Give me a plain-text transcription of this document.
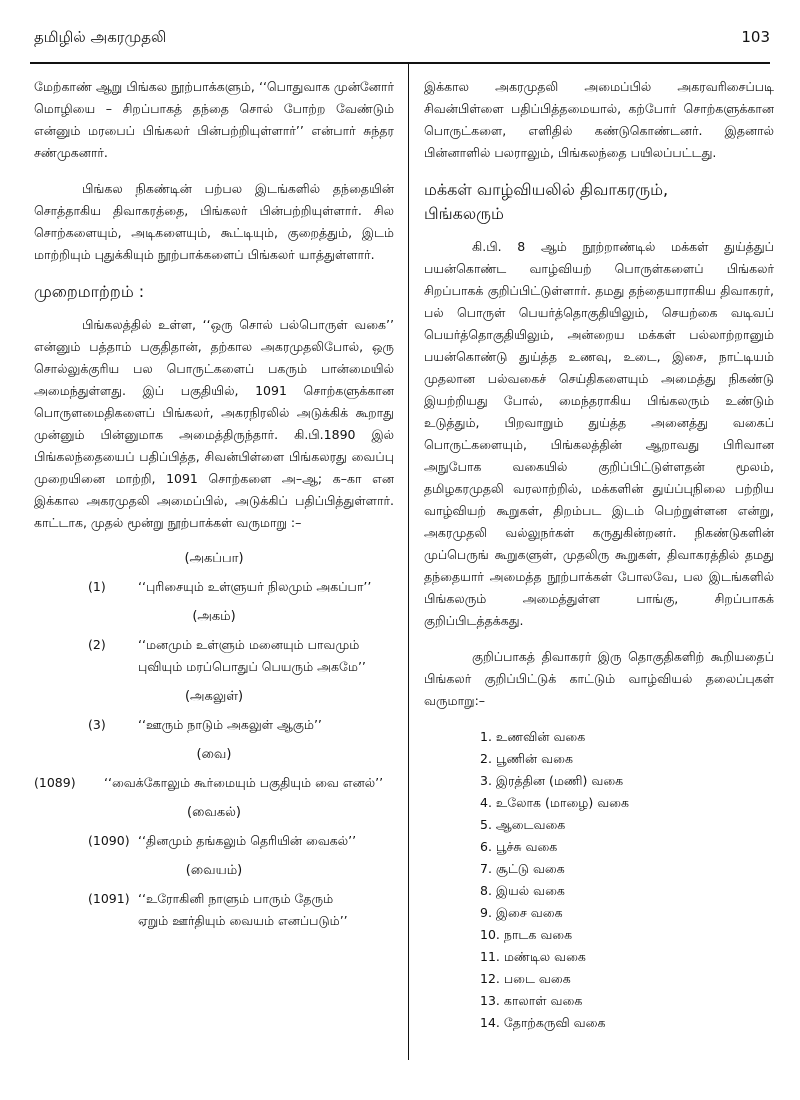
தமிழில் அகரமுதலி	103

மேற்காண் ஆறு பிங்கல நூற்பாக்களும், ‘‘பொதுவாக முன்னோர் மொழியை – சிறப்பாகத் தந்தை சொல் போற்ற வேண்டும் என்னும் மரபைப் பிங்கலர் பின்பற்றியுள்ளார்’’ என்பார் சுந்தர சண்முகனார்.

பிங்கல நிகண்டின் பற்பல இடங்களில் தந்தையின் சொத்தாகிய திவாகரத்தை, பிங்கலர் பின்பற்றியுள்ளார். சில சொற்களையும், அடிகளையும், கூட்டியும், குறைத்தும், இடம் மாற்றியும் புதுக்கியும் நூற்பாக்களைப் பிங்கலர் யாத்துள்ளார்.

முறைமாற்றம் :

பிங்கலத்தில் உள்ள, ‘‘ஒரு சொல் பல்பொருள் வகை’’ என்னும் பத்தாம் பகுதிதான், தற்கால அகரமுதலிபோல், ஒரு சொல்லுக்குரிய பல பொருட்களைப் பகரும் பான்மையில் அமைந்துள்ளது. இப் பகுதியில், 1091 சொற்களுக்கான பொருளமைதிகளைப் பிங்கலர், அகரநிரலில் அடுக்கிக் கூறாது முன்னும் பின்னுமாக அமைத்திருந்தார். கி.பி.1890 இல் பிங்கலந்தையைப் பதிப்பித்த, சிவன்பிள்ளை பிங்கலரது வைப்பு முறையினை மாற்றி, 1091 சொற்களை அ–ஆ; க–கா என இக்கால அகரமுதலி அமைப்பில், அடுக்கிப் பதிப்பித்துள்ளார். காட்டாக, முதல் மூன்று நூற்பாக்கள் வருமாறு :–

(அகப்பா)
(1)	‘‘புரிசையும் உள்ளுயர் நிலமும் அகப்பா’’
(அகம்)
(2)	‘‘மனமும் உள்ளும் மனையும் பாவமும்
புவியும் மரப்பொதுப் பெயரும் அகமே’’
(அகலுள்)
(3)	‘‘ஊரும் நாடும் அகலுள் ஆகும்’’
(வை)
(1089)	‘‘வைக்கோலும் கூர்மையும் பகுதியும் வை எனல்’’
(வைகல்)
(1090) ‘‘தினமும் தங்கலும் தெரியின் வைகல்’’
(வையம்)
(1091) ‘‘உரோகினி நாளும் பாரும் தேரும்
ஏறும் ஊர்தியும் வையம் எனப்படும்’’

இக்கால அகரமுதலி அமைப்பில் அகரவரிசைப்படி சிவன்பிள்ளை பதிப்பித்தமையால், கற்போர் சொற்களுக்கான பொருட்களை, எளிதில் கண்டுகொண்டனர். இதனால் பின்னாளில் பலராலும், பிங்கலந்தை பயிலப்பட்டது.

மக்கள் வாழ்வியலில் திவாகரரும்,
பிங்கலரும்

கி.பி. 8 ஆம் நூற்றாண்டில் மக்கள் துய்த்துப் பயன்கொண்ட வாழ்வியற் பொருள்களைப் பிங்கலர் சிறப்பாகக் குறிப்பிட்டுள்ளார். தமது தந்தையாராகிய திவாகரர், பல் பொருள் பெயர்த்தொகுதியிலும், செயற்கை வடிவப் பெயர்த்தொகுதியிலும், அன்றைய மக்கள் பல்லாற்றானும் பயன்கொண்டு துய்த்த உணவு, உடை, இசை, நாட்டியம் முதலான பல்வகைச் செய்திகளையும் அமைத்து நிகண்டு இயற்றியது போல், மைந்தராகிய பிங்கலரும் உண்டும் உடுத்தும், பிறவாறும் துய்த்த அனைத்து வகைப் பொருட்களையும், பிங்கலத்தின் ஆறாவது பிரிவான அநுபோக வகையில் குறிப்பிட்டுள்ளதன் மூலம், தமிழகரமுதலி வரலாற்றில், மக்களின் துய்ப்புநிலை பற்றிய வாழ்வியற் கூறுகள், திறம்பட இடம் பெற்றுள்ளன என்று, அகரமுதலி வல்லுநர்கள் கருதுகின்றனர். நிகண்டுகளின் முப்பெருங் கூறுகளுள், முதலிரு கூறுகள், திவாகரத்தில் தமது தந்தையார் அமைத்த நூற்பாக்கள் போலவே, பல இடங்களில் பிங்கலரும் அமைத்துள்ள பாங்கு, சிறப்பாகக் குறிப்பிடத்தக்கது.

குறிப்பாகத் திவாகரர் இரு தொகுதிகளிற் கூறியதைப் பிங்கலர் குறிப்பிட்டுக் காட்டும் வாழ்வியல் தலைப்புகள் வருமாறு:–

1. உணவின் வகை
2. பூணின் வகை
3. இரத்தின (மணி) வகை
4. உலோக (மாழை) வகை
5. ஆடைவகை
6. பூச்சு வகை
7. சூட்டு வகை
8. இயல் வகை
9. இசை வகை
10. நாடக வகை
11. மண்டில வகை
12. படை வகை
13. காலாள் வகை
14. தோற்கருவி வகை
